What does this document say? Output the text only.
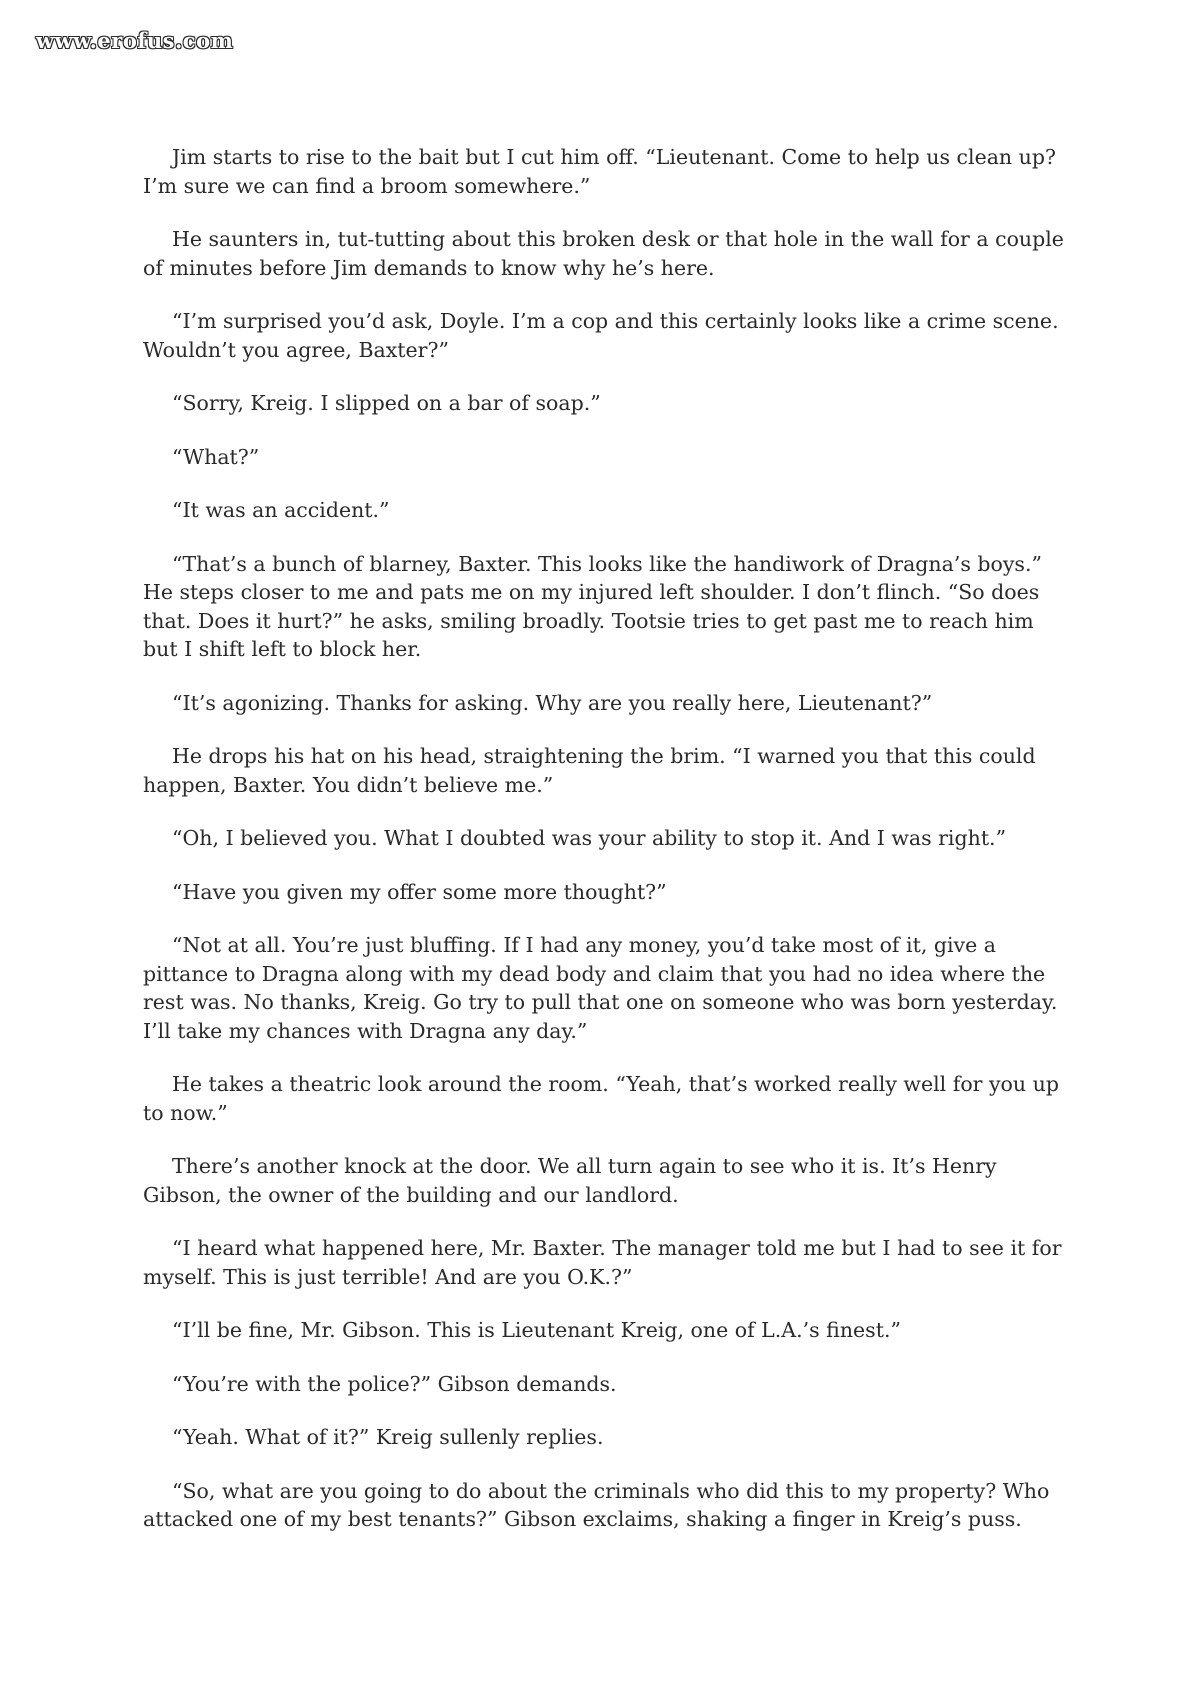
www.erofus.com

Jim starts to rise to the bait but I cut him off. “Lieutenant. Come to help us clean up? I’m sure we can find a broom somewhere.”

He saunters in, tut-tutting about this broken desk or that hole in the wall for a couple of minutes before Jim demands to know why he’s here.

“I’m surprised you’d ask, Doyle. I’m a cop and this certainly looks like a crime scene. Wouldn’t you agree, Baxter?”

“Sorry, Kreig. I slipped on a bar of soap.”

“What?”

“It was an accident.”

“That’s a bunch of blarney, Baxter. This looks like the handiwork of Dragna’s boys.” He steps closer to me and pats me on my injured left shoulder. I don’t flinch. “So does that. Does it hurt?” he asks, smiling broadly. Tootsie tries to get past me to reach him but I shift left to block her.

“It’s agonizing. Thanks for asking. Why are you really here, Lieutenant?”

He drops his hat on his head, straightening the brim. “I warned you that this could happen, Baxter. You didn’t believe me.”

“Oh, I believed you. What I doubted was your ability to stop it. And I was right.”

“Have you given my offer some more thought?”

“Not at all. You’re just bluffing. If I had any money, you’d take most of it, give a pittance to Dragna along with my dead body and claim that you had no idea where the rest was. No thanks, Kreig. Go try to pull that one on someone who was born yesterday. I’ll take my chances with Dragna any day.”

He takes a theatric look around the room. “Yeah, that’s worked really well for you up to now.”

There’s another knock at the door. We all turn again to see who it is. It’s Henry Gibson, the owner of the building and our landlord.

“I heard what happened here, Mr. Baxter. The manager told me but I had to see it for myself. This is just terrible! And are you O.K.?”

“I’ll be fine, Mr. Gibson. This is Lieutenant Kreig, one of L.A.’s finest.”

“You’re with the police?” Gibson demands.

“Yeah. What of it?” Kreig sullenly replies.

“So, what are you going to do about the criminals who did this to my property? Who attacked one of my best tenants?” Gibson exclaims, shaking a finger in Kreig’s puss.
